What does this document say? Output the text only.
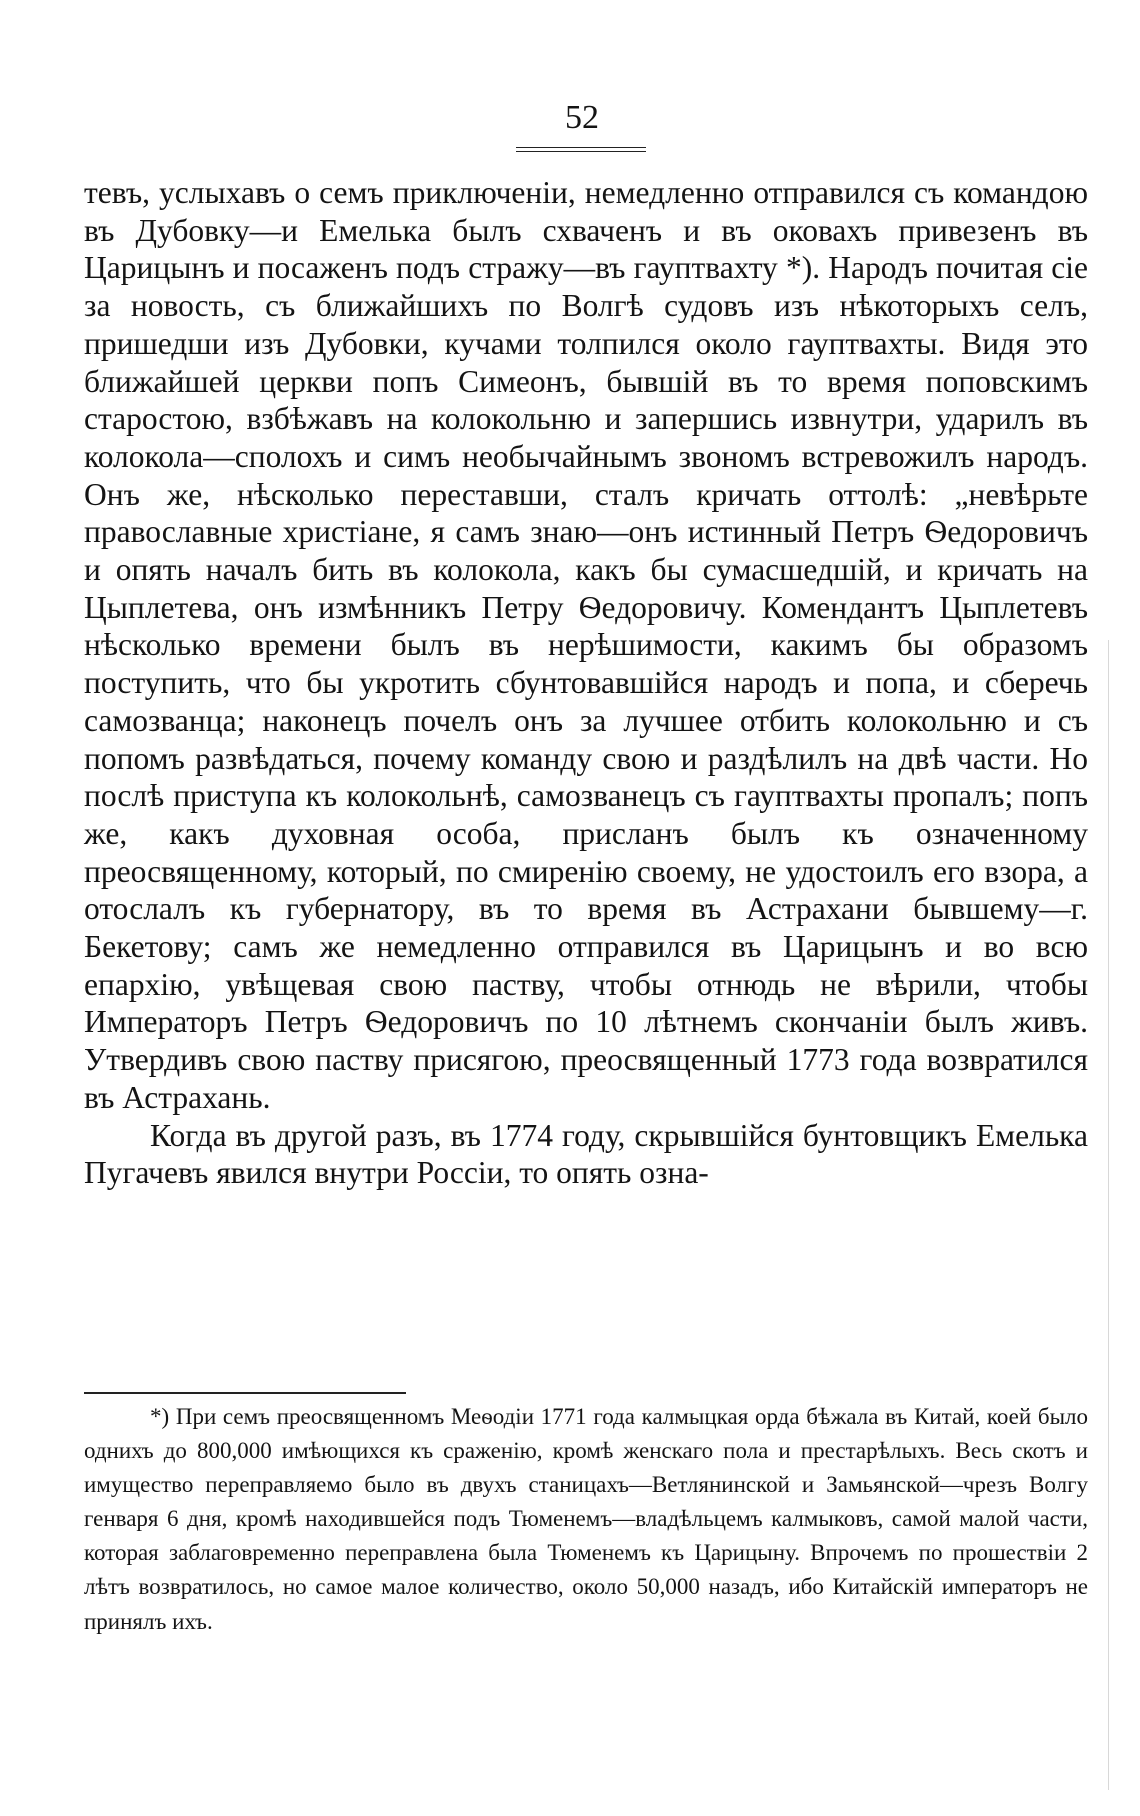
52

тевъ, услыхавъ о семъ приключеніи, немедленно отправился съ командою въ Дубовку—и Емелька былъ схваченъ и въ оковахъ привезенъ въ Царицынъ и посаженъ подъ стражу—въ гауптвахту *). Народъ почитая сіе за новость, съ ближайшихъ по Волгѣ судовъ изъ нѣкоторыхъ селъ, пришедши изъ Дубовки, кучами толпился около гауптвахты. Видя это ближайшей церкви попъ Симеонъ, бывшій въ то время поповскимъ старостою, взбѣжавъ на колокольню и запершись извнутри, ударилъ въ колокола—сполохъ и симъ необычайнымъ звономъ встревожилъ народъ. Онъ же, нѣсколько переставши, сталъ кричать оттолѣ: „невѣрьте православные христіане, я самъ знаю—онъ истинный Петръ Ѳедоровичъ и опять началъ бить въ колокола, какъ бы сумасшедшій, и кричать на Цыплетева, онъ измѣнникъ Петру Ѳедоровичу. Комендантъ Цыплетевъ нѣсколько времени былъ въ нерѣшимости, какимъ бы образомъ поступить, что бы укротить сбунтовавшійся народъ и попа, и сберечь самозванца; наконецъ почелъ онъ за лучшее отбить колокольню и съ попомъ развѣдаться, почему команду свою и раздѣлилъ на двѣ части. Но послѣ приступа къ колокольнѣ, самозванецъ съ гауптвахты пропалъ; попъ же, какъ духовная особа, присланъ былъ къ означенному преосвященному, который, по смиренію своему, не удостоилъ его взора, а отослалъ къ губернатору, въ то время въ Астрахани бывшему—г. Бекетову; самъ же немедленно отправился въ Царицынъ и во всю епархію, увѣщевая свою паству, чтобы отнюдь не вѣрили, чтобы Императоръ Петръ Ѳедоровичъ по 10 лѣтнемъ скончаніи былъ живъ. Утвердивъ свою паству присягою, преосвященный 1773 года возвратился въ Астрахань.

Когда въ другой разъ, въ 1774 году, скрывшійся бунтовщикъ Емелька Пугачевъ явился внутри Россіи, то опять озна-

*) При семъ преосвященномъ Меѳодіи 1771 года калмыцкая орда бѣжала въ Китай, коей было однихъ до 800,000 имѣющихся къ сраженію, кромѣ женскаго пола и престарѣлыхъ. Весь скотъ и имущество переправляемо было въ двухъ станицахъ—Ветлянинской и Замьянской—чрезъ Волгу генваря 6 дня, кромѣ находившейся подъ Тюменемъ—владѣльцемъ калмыковъ, самой малой части, которая заблаговременно переправлена была Тюменемъ къ Царицыну. Впрочемъ по прошествіи 2 лѣтъ возвратилось, но самое малое количество, около 50,000 назадъ, ибо Китайскій императоръ не принялъ ихъ.
